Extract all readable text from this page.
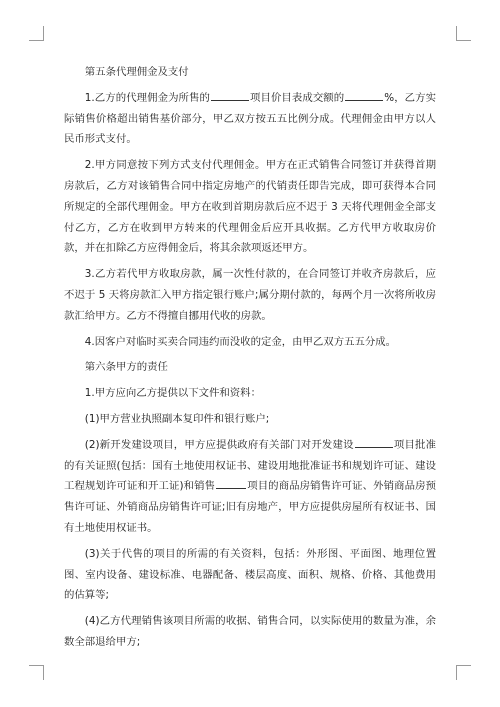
第五条代理佣金及支付

1.乙方的代理佣金为所售的	项目价目表成交额的	%，乙方实际销售价格超出销售基价部分，甲乙双方按五五比例分成。代理佣金由甲方以人民币形式支付。

2.甲方同意按下列方式支付代理佣金。甲方在正式销售合同签订并获得首期房款后，乙方对该销售合同中指定房地产的代销责任即告完成，即可获得本合同所规定的全部代理佣金。甲方在收到首期房款后应不迟于 3 天将代理佣金全部支付乙方，乙方在收到甲方转来的代理佣金后应开具收据。乙方代甲方收取房价款，并在扣除乙方应得佣金后，将其余款项返还甲方。

3.乙方若代甲方收取房款，属一次性付款的，在合同签订并收齐房款后，应不迟于 5 天将房款汇入甲方指定银行账户;属分期付款的，每两个月一次将所收房款汇给甲方。乙方不得擅自挪用代收的房款。

4.因客户对临时买卖合同违约而没收的定金，由甲乙双方五五分成。

第六条甲方的责任

1.甲方应向乙方提供以下文件和资料：

(1)甲方营业执照副本复印件和银行账户;

(2)新开发建设项目，甲方应提供政府有关部门对开发建设	项目批准的有关证照(包括：国有土地使用权证书、建设用地批准证书和规划许可证、建设工程规划许可证和开工证)和销售	项目的商品房销售许可证、外销商品房预售许可证、外销商品房销售许可证;旧有房地产，甲方应提供房屋所有权证书、国有土地使用权证书。

(3)关于代售的项目的所需的有关资料，包括：外形图、平面图、地理位置图、室内设备、建设标准、电器配备、楼层高度、面积、规格、价格、其他费用的估算等;

(4)乙方代理销售该项目所需的收据、销售合同，以实际使用的数量为准，余数全部退给甲方;
